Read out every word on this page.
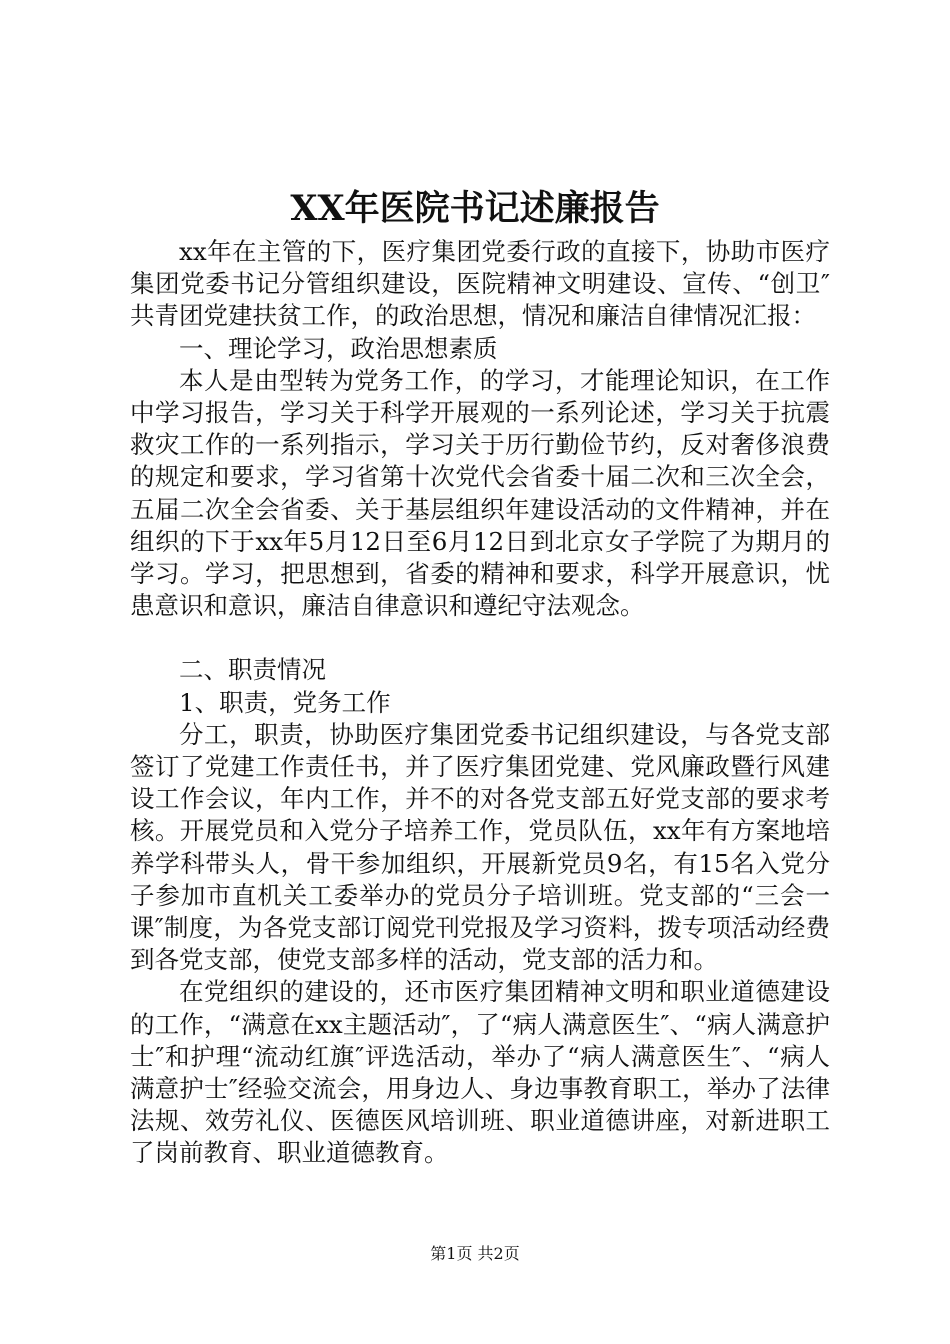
XX年医院书记述廉报告

xx年在主管的下，医疗集团党委行政的直接下，协助市医疗集团党委书记分管组织建设，医院精神文明建设、宣传、“创卫″共青团党建扶贫工作，的政治思想，情况和廉洁自律情况汇报：

一、理论学习，政治思想素质

本人是由型转为党务工作，的学习，才能理论知识，在工作中学习报告，学习关于科学开展观的一系列论述，学习关于抗震救灾工作的一系列指示，学习关于历行勤俭节约，反对奢侈浪费的规定和要求，学习省第十次党代会省委十届二次和三次全会，五届二次全会省委、关于基层组织年建设活动的文件精神，并在组织的下于xx年5月12日至6月12日到北京女子学院了为期月的学习。学习，把思想到，省委的精神和要求，科学开展意识，忧患意识和意识，廉洁自律意识和遵纪守法观念。

二、职责情况

1、职责，党务工作

分工，职责，协助医疗集团党委书记组织建设，与各党支部签订了党建工作责任书，并了医疗集团党建、党风廉政暨行风建设工作会议，年内工作，并不的对各党支部五好党支部的要求考核。开展党员和入党分子培养工作，党员队伍，xx年有方案地培养学科带头人，骨干参加组织，开展新党员9名，有15名入党分子参加市直机关工委举办的党员分子培训班。党支部的“三会一课″制度，为各党支部订阅党刊党报及学习资料，拨专项活动经费到各党支部，使党支部多样的活动，党支部的活力和。

在党组织的建设的，还市医疗集团精神文明和职业道德建设的工作，“满意在xx主题活动″，了“病人满意医生″、“病人满意护士″和护理“流动红旗″评选活动，举办了“病人满意医生″、“病人满意护士″经验交流会，用身边人、身边事教育职工，举办了法律法规、效劳礼仪、医德医风培训班、职业道德讲座，对新进职工了岗前教育、职业道德教育。

第1页 共2页
